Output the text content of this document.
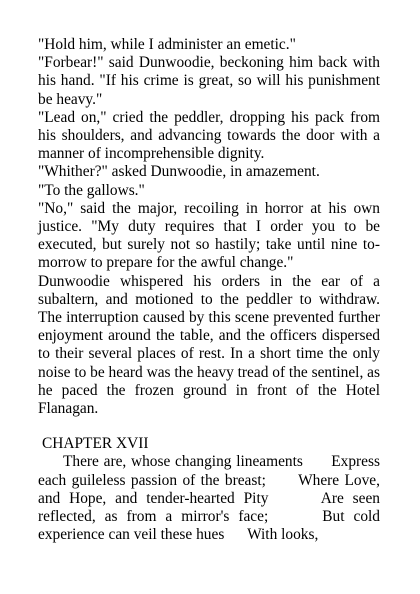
"Hold him, while I administer an emetic."

"Forbear!" said Dunwoodie, beckoning him back with his hand. "If his crime is great, so will his punishment be heavy."

"Lead on," cried the peddler, dropping his pack from his shoulders, and advancing towards the door with a manner of incomprehensible dignity.

"Whither?" asked Dunwoodie, in amazement.

"To the gallows."

"No," said the major, recoiling in horror at his own justice. "My duty requires that I order you to be executed, but surely not so hastily; take until nine to-morrow to prepare for the awful change."

Dunwoodie whispered his orders in the ear of a subaltern, and motioned to the peddler to withdraw. The interruption caused by this scene prevented further enjoyment around the table, and the officers dispersed to their several places of rest. In a short time the only noise to be heard was the heavy tread of the sentinel, as he paced the frozen ground in front of the Hotel Flanagan.

CHAPTER XVII

There are, whose changing lineaments      Express each guileless passion of the breast;      Where Love, and Hope, and tender-hearted Pity      Are seen reflected, as from a mirror's face;      But cold experience can veil these hues      With looks,
